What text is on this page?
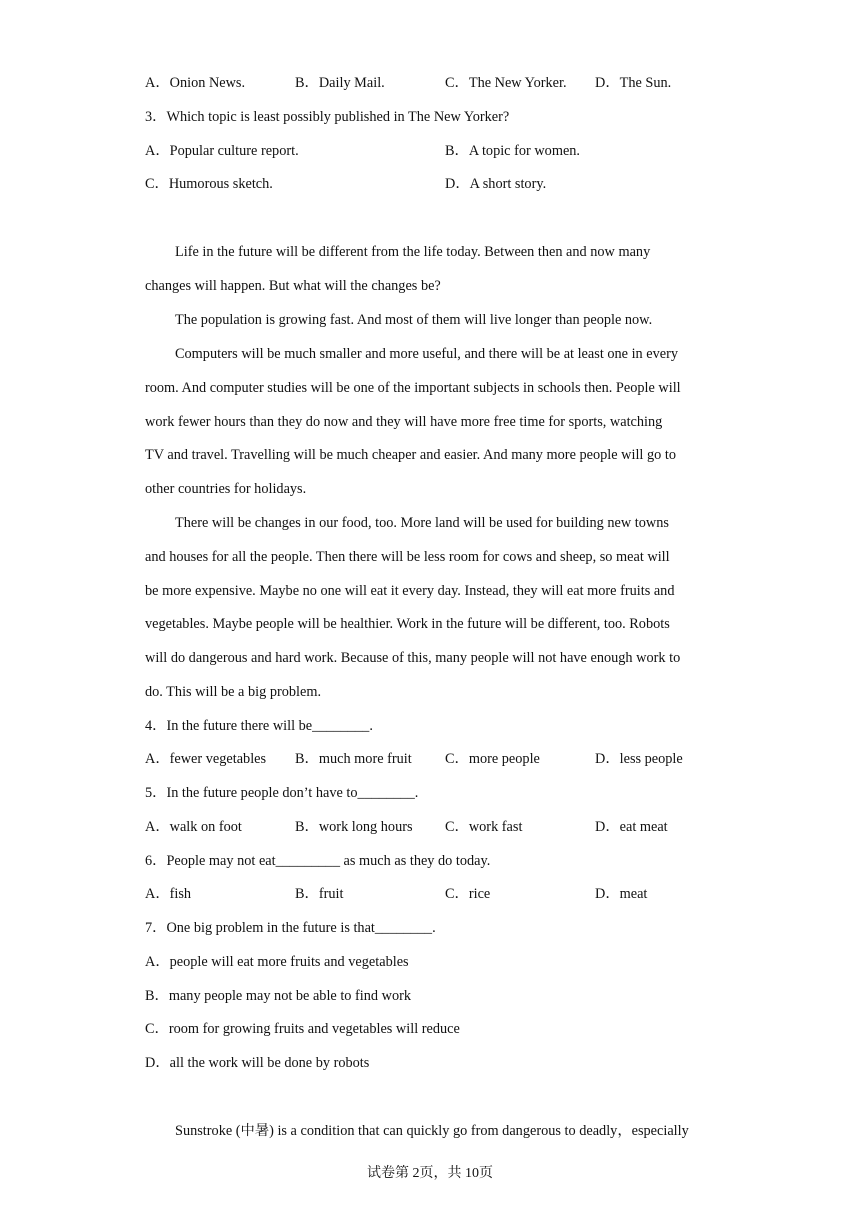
A．Onion News.	B．Daily Mail.	C．The New Yorker. D．The Sun.
3．Which topic is least possibly published in The New Yorker?
A．Popular culture report.	B．A topic for women.
C．Humorous sketch.	D．A short story.
Life in the future will be different from the life today. Between then and now many
changes will happen. But what will the changes be?
The population is growing fast. And most of them will live longer than people now.
Computers will be much smaller and more useful, and there will be at least one in every
room. And computer studies will be one of the important subjects in schools then. People will
work fewer hours than they do now and they will have more free time for sports, watching
TV and travel. Travelling will be much cheaper and easier. And many more people will go to
other countries for holidays.
There will be changes in our food, too. More land will be used for building new towns
and houses for all the people. Then there will be less room for cows and sheep, so meat will
be more expensive. Maybe no one will eat it every day. Instead, they will eat more fruits and
vegetables. Maybe people will be healthier. Work in the future will be different, too. Robots
will do dangerous and hard work. Because of this, many people will not have enough work to
do. This will be a big problem.
4．In the future there will be________.
A．fewer vegetables B．much more fruit C．more people	D．less people
5．In the future people don’t have to________.
A．walk on foot	B．work long hours C．work fast	D．eat meat
6．People may not eat_________ as much as they do today.
A．fish	B．fruit	C．rice	D．meat
7．One big problem in the future is that________.
A．people will eat more fruits and vegetables
B．many people may not be able to find work
C．room for growing fruits and vegetables will reduce
D．all the work will be done by robots
Sunstroke (中暑) is a condition that can quickly go from dangerous to deadly，especially
试卷第 2页，共 10页
